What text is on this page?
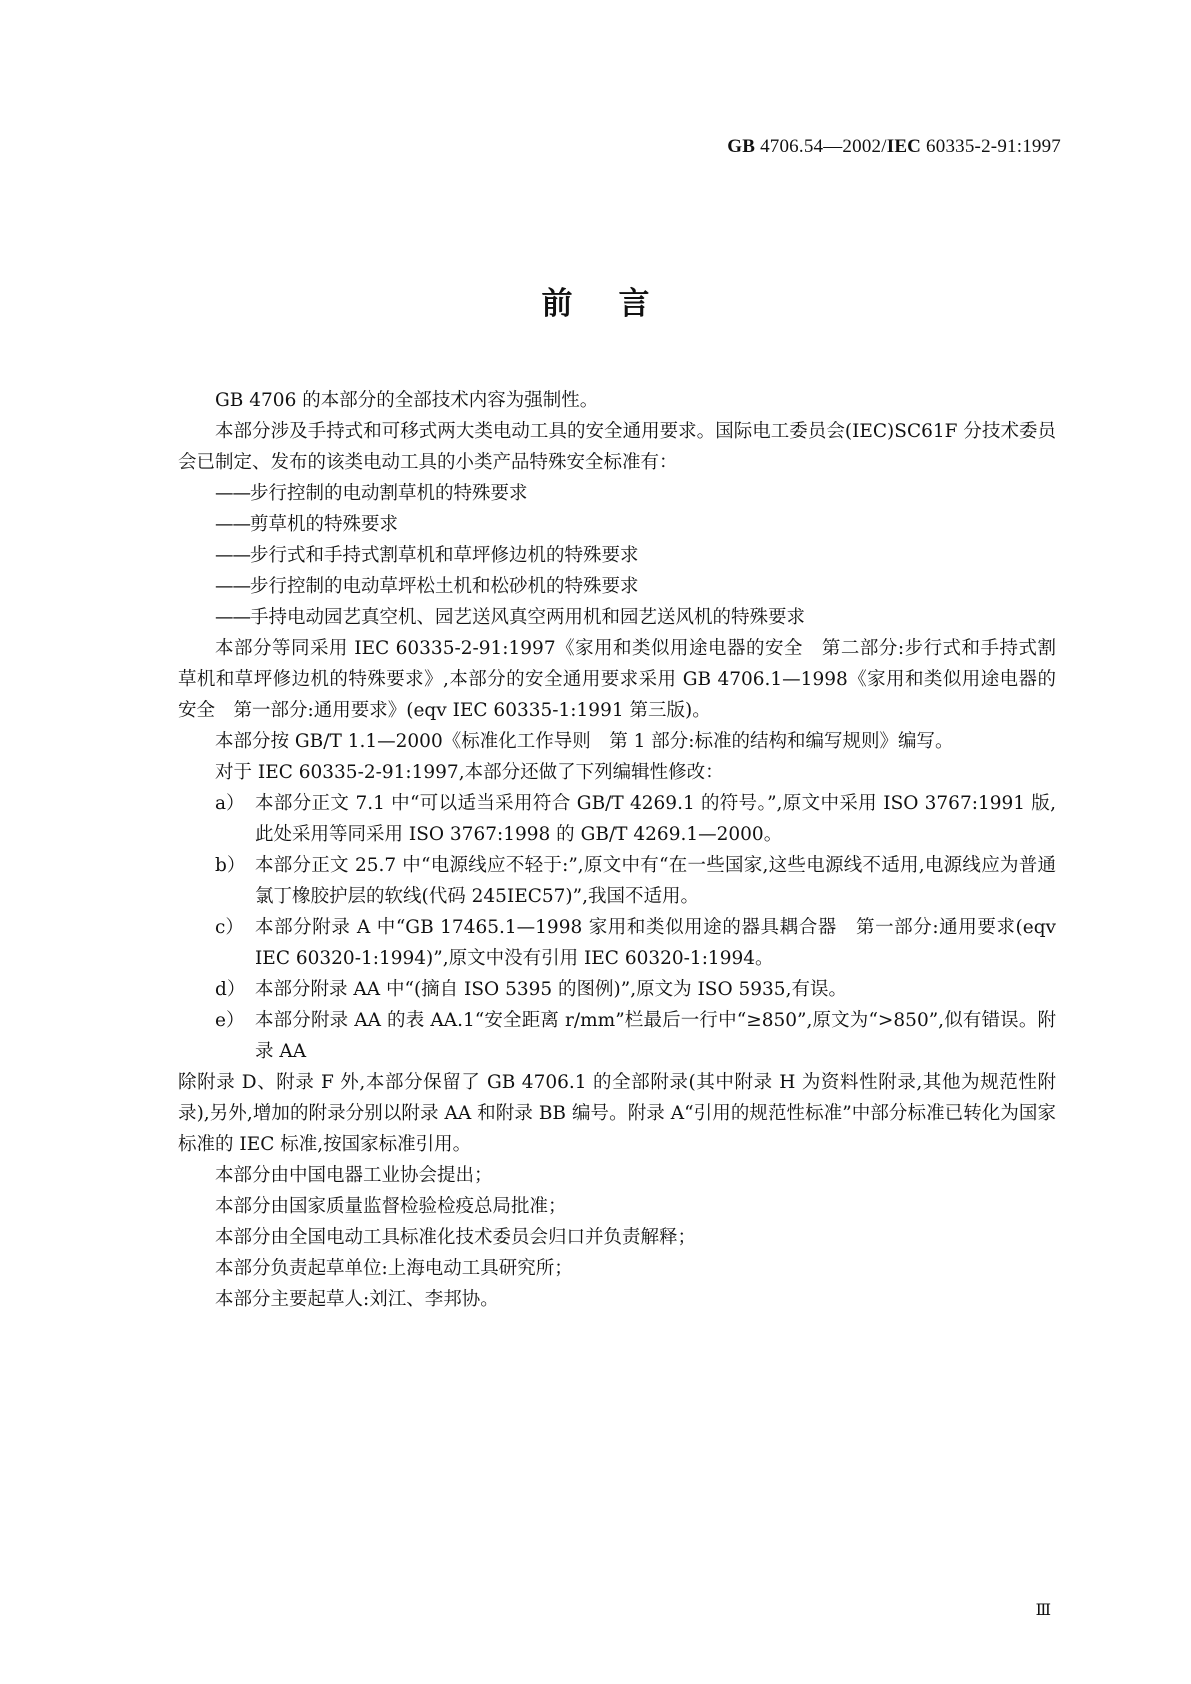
GB 4706.54—2002/IEC 60335-2-91:1997
前言

GB 4706 的本部分的全部技术内容为强制性。

本部分涉及手持式和可移式两大类电动工具的安全通用要求。国际电工委员会(IEC)SC61F 分技术委员会已制定、发布的该类电动工具的小类产品特殊安全标准有：

——步行控制的电动割草机的特殊要求

——剪草机的特殊要求

——步行式和手持式割草机和草坪修边机的特殊要求

——步行控制的电动草坪松土机和松砂机的特殊要求

——手持电动园艺真空机、园艺送风真空两用机和园艺送风机的特殊要求

本部分等同采用 IEC 60335-2-91:1997《家用和类似用途电器的安全　第二部分:步行式和手持式割草机和草坪修边机的特殊要求》,本部分的安全通用要求采用 GB 4706.1—1998《家用和类似用途电器的安全　第一部分:通用要求》(eqv IEC 60335-1:1991 第三版)。

本部分按 GB/T 1.1—2000《标准化工作导则　第 1 部分:标准的结构和编写规则》编写。

对于 IEC 60335-2-91:1997,本部分还做了下列编辑性修改：

a） 本部分正文 7.1 中“可以适当采用符合 GB/T 4269.1 的符号。”,原文中采用 ISO 3767:1991 版,此处采用等同采用 ISO 3767:1998 的 GB/T 4269.1—2000。
b） 本部分正文 25.7 中“电源线应不轻于:”,原文中有“在一些国家,这些电源线不适用,电源线应为普通氯丁橡胶护层的软线(代码 245IEC57)”,我国不适用。
c） 本部分附录 A 中“GB 17465.1—1998 家用和类似用途的器具耦合器　第一部分:通用要求(eqv IEC 60320-1:1994)”,原文中没有引用 IEC 60320-1:1994。
d） 本部分附录 AA 中“(摘自 ISO 5395 的图例)”,原文为 ISO 5935,有误。
e） 本部分附录 AA 的表 AA.1“安全距离 r/mm”栏最后一行中“≥850”,原文为“>850”,似有错误。附录 AA

除附录 D、附录 F 外,本部分保留了 GB 4706.1 的全部附录(其中附录 H 为资料性附录,其他为规范性附录),另外,增加的附录分别以附录 AA 和附录 BB 编号。附录 A“引用的规范性标准”中部分标准已转化为国家标准的 IEC 标准,按国家标准引用。

本部分由中国电器工业协会提出；

本部分由国家质量监督检验检疫总局批准；

本部分由全国电动工具标准化技术委员会归口并负责解释；

本部分负责起草单位:上海电动工具研究所；

本部分主要起草人:刘江、李邦协。

Ⅲ
